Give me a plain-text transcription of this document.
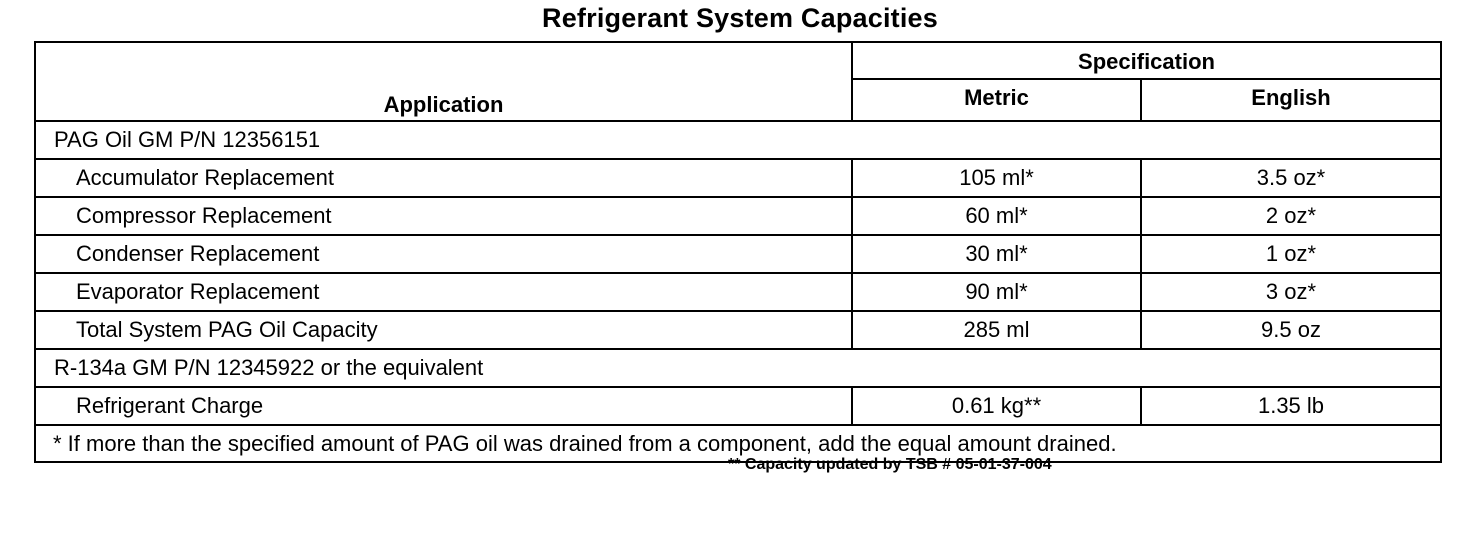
Refrigerant System Capacities
Application	Specification	
	Metric	English
PAG Oil GM P/N 12356151		
Accumulator Replacement	105 ml*	3.5 oz*
Compressor Replacement	60 ml*	2 oz*
Condenser Replacement	30 ml*	1 oz*
Evaporator Replacement	90 ml*	3 oz*
Total System PAG Oil Capacity	285 ml	9.5 oz
R-134a GM P/N 12345922 or the equivalent		
Refrigerant Charge	0.61 kg**	1.35 lb
* If more than the specified amount of PAG oil was drained from a component, add the equal amount drained.		
** Capacity updated by TSB # 05-01-37-004
